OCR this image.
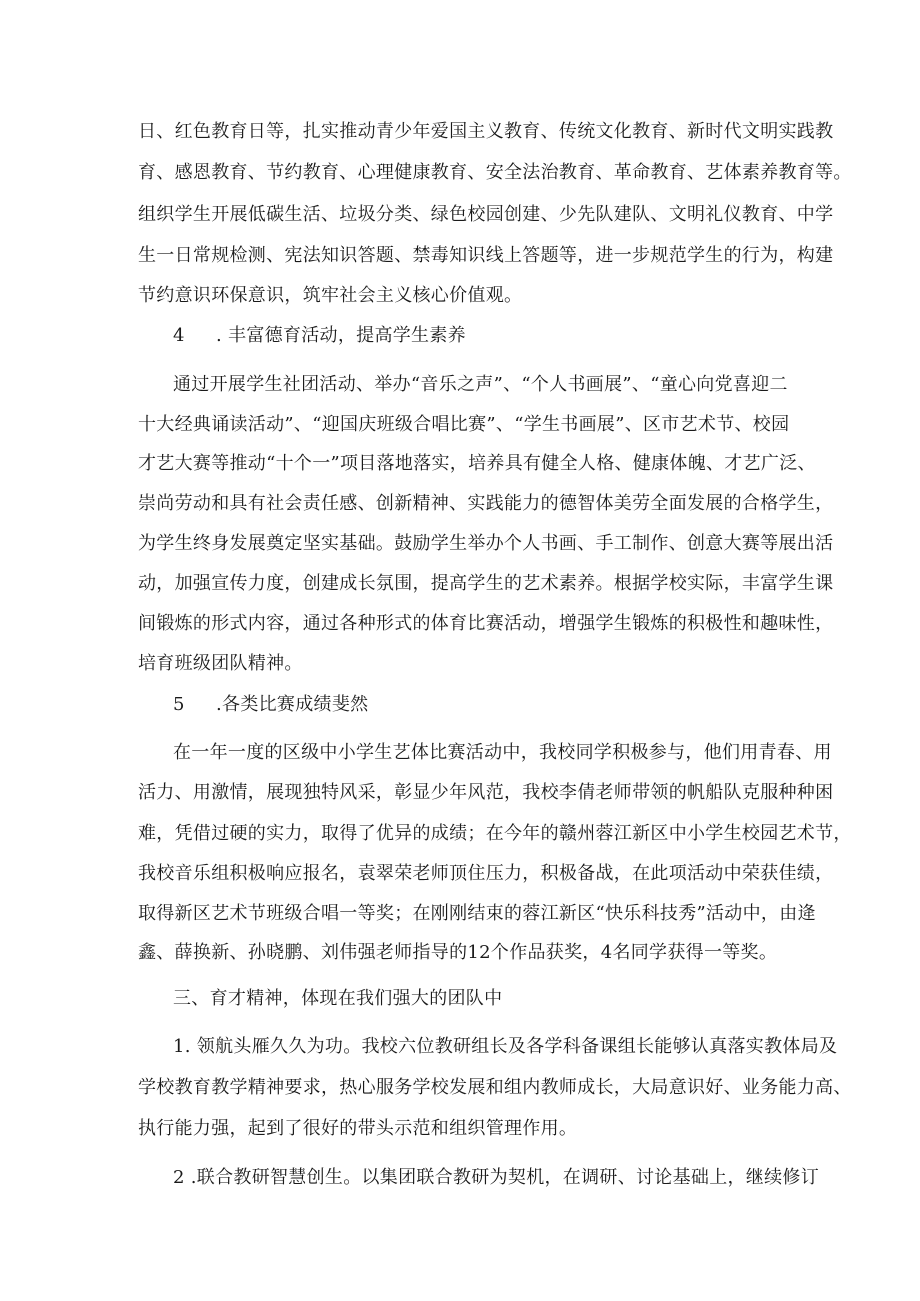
日、红色教育日等，扎实推动青少年爱国主义教育、传统文化教育、新时代文明实践教
育、感恩教育、节约教育、心理健康教育、安全法治教育、革命教育、艺体素养教育等。
组织学生开展低碳生活、垃圾分类、绿色校园创建、少先队建队、文明礼仪教育、中学
生一日常规检测、宪法知识答题、禁毒知识线上答题等，进一步规范学生的行为，构建
节约意识环保意识，筑牢社会主义核心价值观。
4 . 丰富德育活动，提高学生素养
通过开展学生社团活动、举办“音乐之声”、“个人书画展”、“童心向党喜迎二
十大经典诵读活动”、“迎国庆班级合唱比赛”、“学生书画展”、区市艺术节、校园
才艺大赛等推动“十个一”项目落地落实，培养具有健全人格、健康体魄、才艺广泛、
崇尚劳动和具有社会责任感、创新精神、实践能力的德智体美劳全面发展的合格学生，
为学生终身发展奠定坚实基础。鼓励学生举办个人书画、手工制作、创意大赛等展出活
动，加强宣传力度，创建成长氛围，提高学生的艺术素养。根据学校实际，丰富学生课
间锻炼的形式内容，通过各种形式的体育比赛活动，增强学生锻炼的积极性和趣味性，
培育班级团队精神。
5 .各类比赛成绩斐然
在一年一度的区级中小学生艺体比赛活动中，我校同学积极参与，他们用青春、用
活力、用激情，展现独特风采，彰显少年风范，我校李倩老师带领的帆船队克服种种困
难，凭借过硬的实力，取得了优异的成绩；在今年的赣州蓉江新区中小学生校园艺术节，
我校音乐组积极响应报名，袁翠荣老师顶住压力，积极备战，在此项活动中荣获佳绩，
取得新区艺术节班级合唱一等奖；在刚刚结束的蓉江新区“快乐科技秀”活动中，由逄
鑫、薛换新、孙晓鹏、刘伟强老师指导的12个作品获奖，4名同学获得一等奖。
三、育才精神，体现在我们强大的团队中
1. 领航头雁久久为功。我校六位教研组长及各学科备课组长能够认真落实教体局及
学校教育教学精神要求，热心服务学校发展和组内教师成长，大局意识好、业务能力高、
执行能力强，起到了很好的带头示范和组织管理作用。
2 .联合教研智慧创生。以集团联合教研为契机，在调研、讨论基础上，继续修订
